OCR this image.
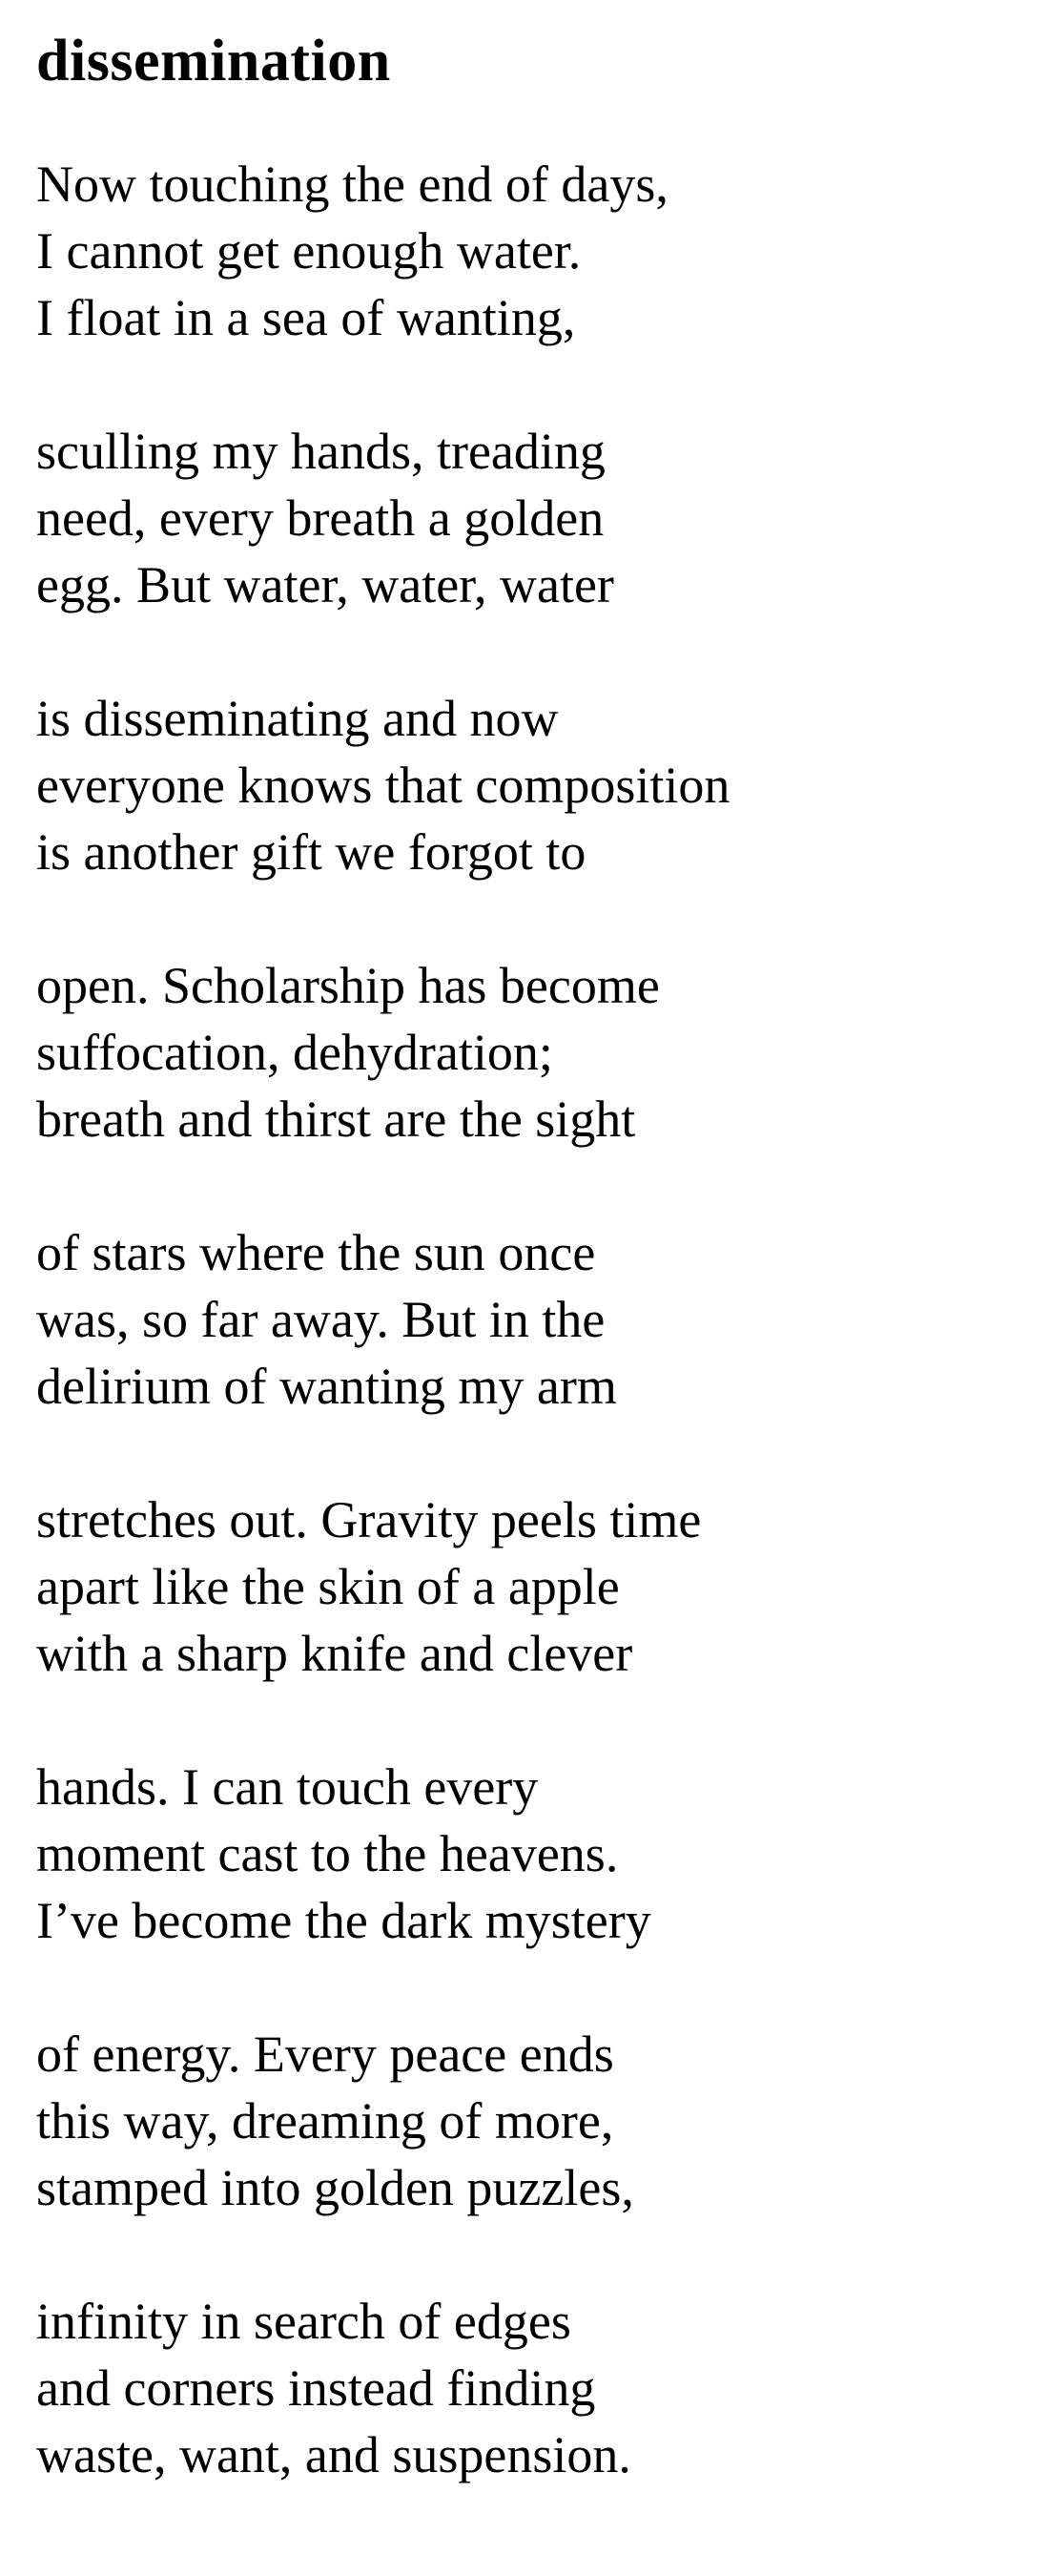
dissemination
Now touching the end of days,
I cannot get enough water.
I float in a sea of wanting,
sculling my hands, treading
need, every breath a golden
egg. But water, water, water
is disseminating and now
everyone knows that composition
is another gift we forgot to
open. Scholarship has become
suffocation, dehydration;
breath and thirst are the sight
of stars where the sun once
was, so far away. But in the
delirium of wanting my arm
stretches out. Gravity peels time
apart like the skin of a apple
with a sharp knife and clever
hands. I can touch every
moment cast to the heavens.
I’ve become the dark mystery
of energy. Every peace ends
this way, dreaming of more,
stamped into golden puzzles,
infinity in search of edges
and corners instead finding
waste, want, and suspension.
